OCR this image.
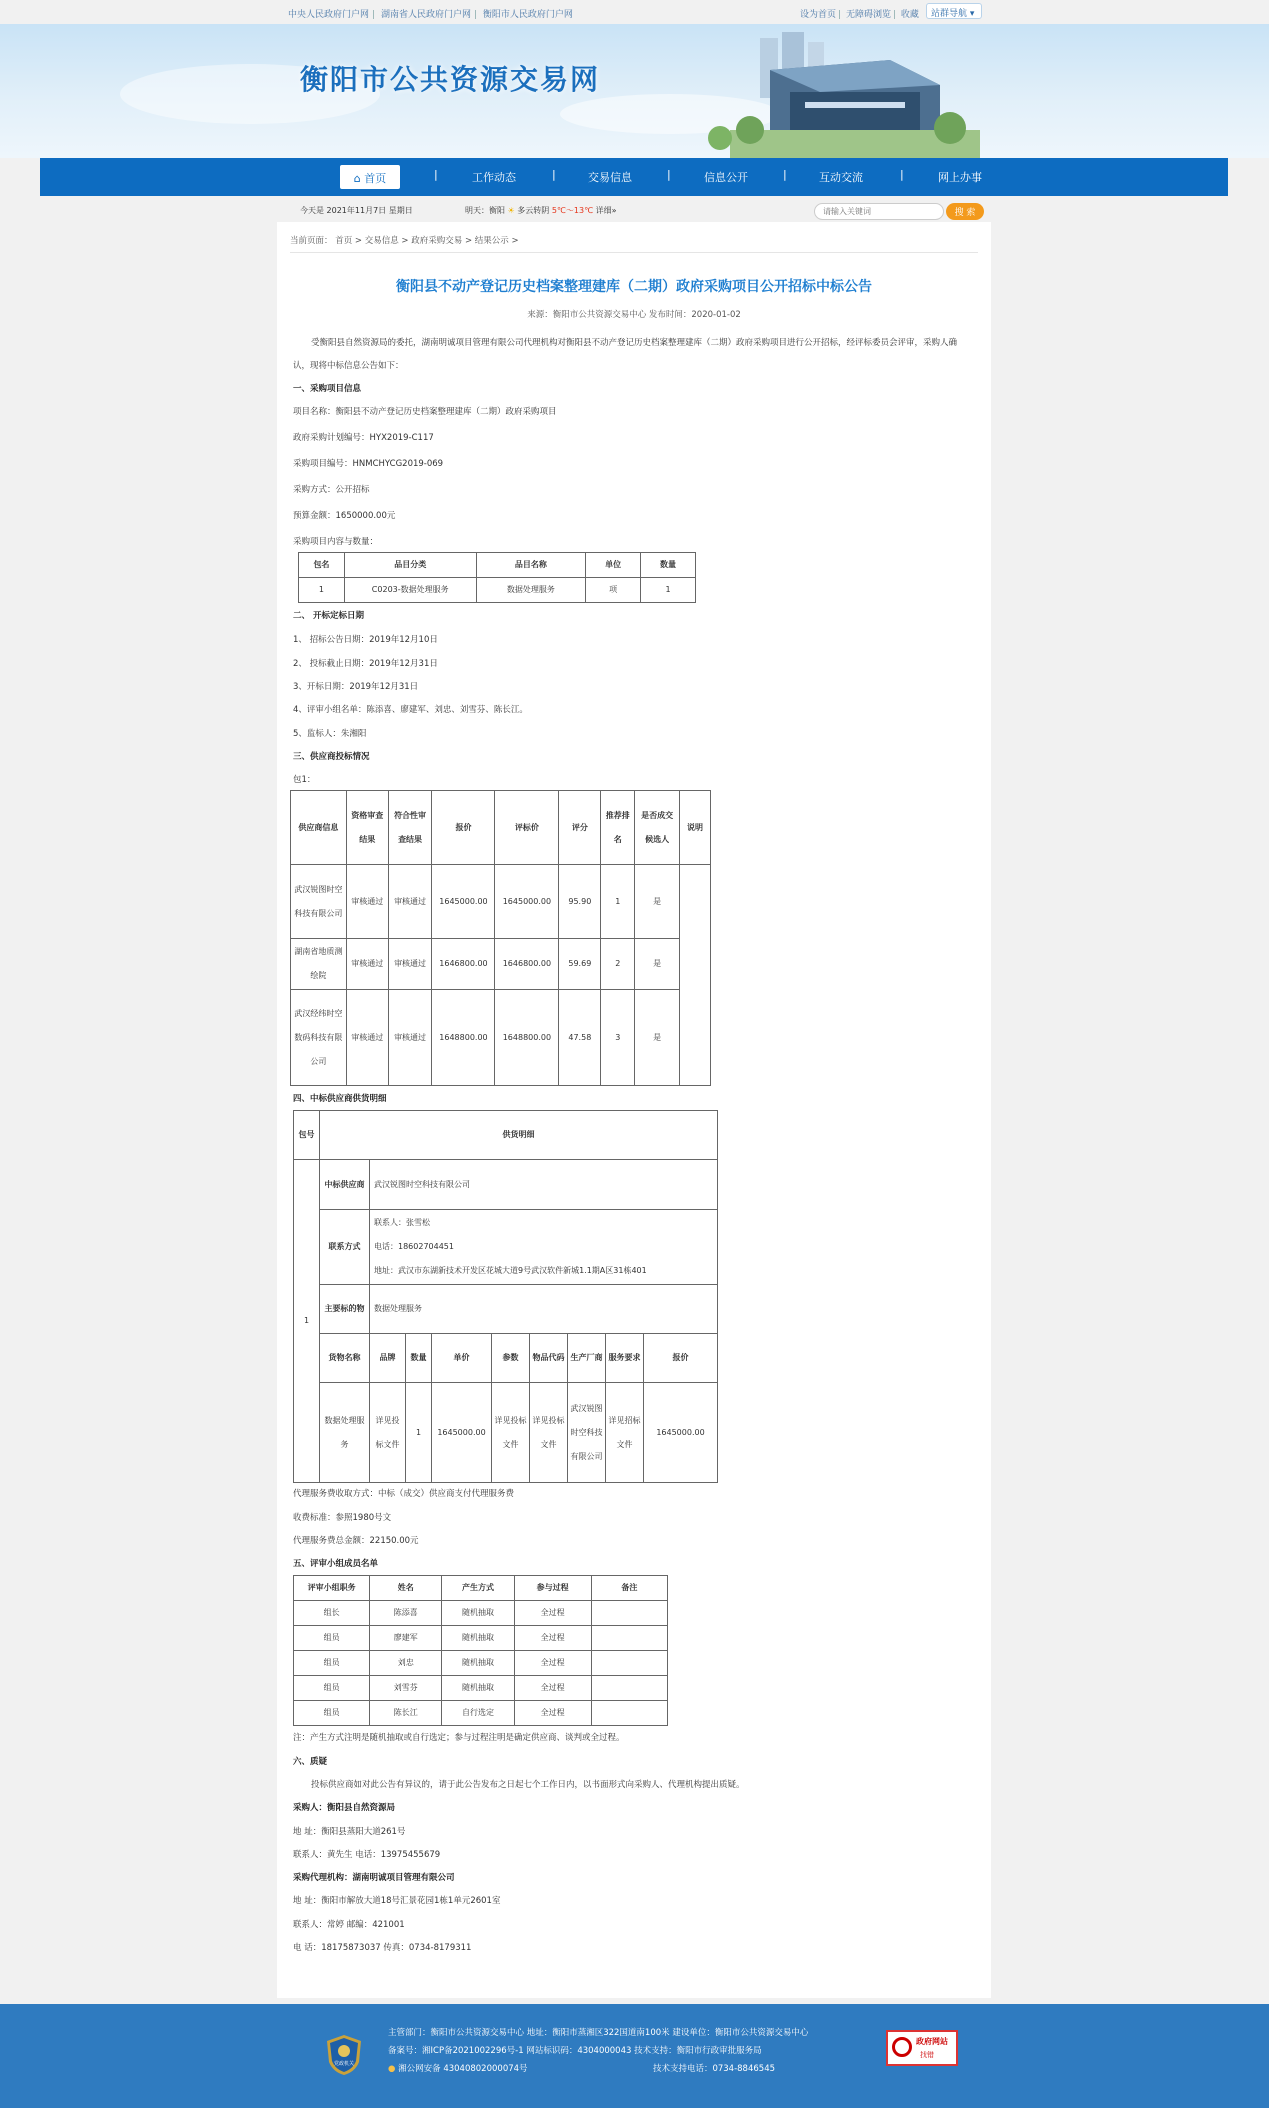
中央人民政府门户网 | 湖南省人民政府门户网 | 衡阳市人民政府门户网	设为首页 | 无障碍浏览 | 收藏	站群导航 ▾
衡阳市公共资源交易网
⌂ 首页	|	工作动态	|	交易信息	|	信息公开	|	互动交流	|	网上办事
今天是 2021年11月7日 星期日	明天：衡阳 ☀ 多云转阴 5℃～13℃ 详细»
请输入关键词	搜 索
当前页面： 首页 > 交易信息 > 政府采购交易 > 结果公示 >
衡阳县不动产登记历史档案整理建库（二期）政府采购项目公开招标中标公告
来源：衡阳市公共资源交易中心 发布时间：2020-01-02
受衡阳县自然资源局的委托，湖南明诚项目管理有限公司代理机构对衡阳县不动产登记历史档案整理建库（二期）政府采购项目进行公开招标，经评标委员会评审，采购人确认，现将中标信息公告如下：
一、采购项目信息
项目名称：衡阳县不动产登记历史档案整理建库（二期）政府采购项目
政府采购计划编号：HYX2019-C117
采购项目编号：HNMCHYCG2019-069
采购方式：公开招标
预算金额：1650000.00元
采购项目内容与数量：
包名	品目分类	品目名称	单位	数量
1	C0203-数据处理服务	数据处理服务	项	1
二、 开标定标日期
1、 招标公告日期：2019年12月10日
2、 投标截止日期：2019年12月31日
3、开标日期：2019年12月31日
4、评审小组名单：陈添喜、廖建军、刘忠、刘雪芬、陈长江。
5、监标人：朱湘阳
三、供应商投标情况
包1：
供应商信息	资格审查结果	符合性审查结果	报价	评标价	评分	推荐排名	是否成交候选人	说明
武汉锐图时空科技有限公司	审核通过	审核通过	1645000.00	1645000.00	95.90	1	是	
湖南省地质测绘院	审核通过	审核通过	1646800.00	1646800.00	59.69	2	是	
武汉经纬时空数码科技有限公司	审核通过	审核通过	1648800.00	1648800.00	47.58	3	是	
四、中标供应商供货明细
包号	供货明细								
1	中标供应商	武汉锐图时空科技有限公司							
	联系方式	联系人：张雪松
电话：18602704451
地址：武汉市东湖新技术开发区花城大道9号武汉软件新城1.1期A区31栋401							

	主要标的物	数据处理服务							
	货物名称	品牌	数量	单价	参数	物品代码	生产厂商	服务要求	报价
	数据处理服务	详见投标文件	1	1645000.00	详见投标文件	详见投标文件	武汉锐图时空科技有限公司	详见招标文件	1645000.00
代理服务费收取方式：中标（成交）供应商支付代理服务费
收费标准：参照1980号文
代理服务费总金额：22150.00元
五、评审小组成员名单
评审小组职务	姓名	产生方式	参与过程	备注
组长	陈添喜	随机抽取	全过程	
组员	廖建军	随机抽取	全过程	
组员	刘忠	随机抽取	全过程	
组员	刘雪芬	随机抽取	全过程	
组员	陈长江	自行选定	全过程	
注：产生方式注明是随机抽取或自行选定；参与过程注明是确定供应商、谈判或全过程。
六、质疑
投标供应商如对此公告有异议的，请于此公告发布之日起七个工作日内，以书面形式向采购人、代理机构提出质疑。
采购人：衡阳县自然资源局
地 址：衡阳县蒸阳大道261号
联系人：黄先生 电话：13975455679
采购代理机构：湖南明诚项目管理有限公司
地 址：衡阳市解放大道18号汇景花园1栋1单元2601室
联系人：常婷 邮编：421001
电 话：18175873037 传真：0734-8179311
党政机关
主管部门：衡阳市公共资源交易中心 地址：衡阳市蒸湘区322国道南100米 建设单位：衡阳市公共资源交易中心
备案号：湘ICP备2021002296号-1 网站标识码：4304000043 技术支持：衡阳市行政审批服务局
● 湘公网安备 43040802000074号	技术支持电话：0734-8846545
政府网站
找错
